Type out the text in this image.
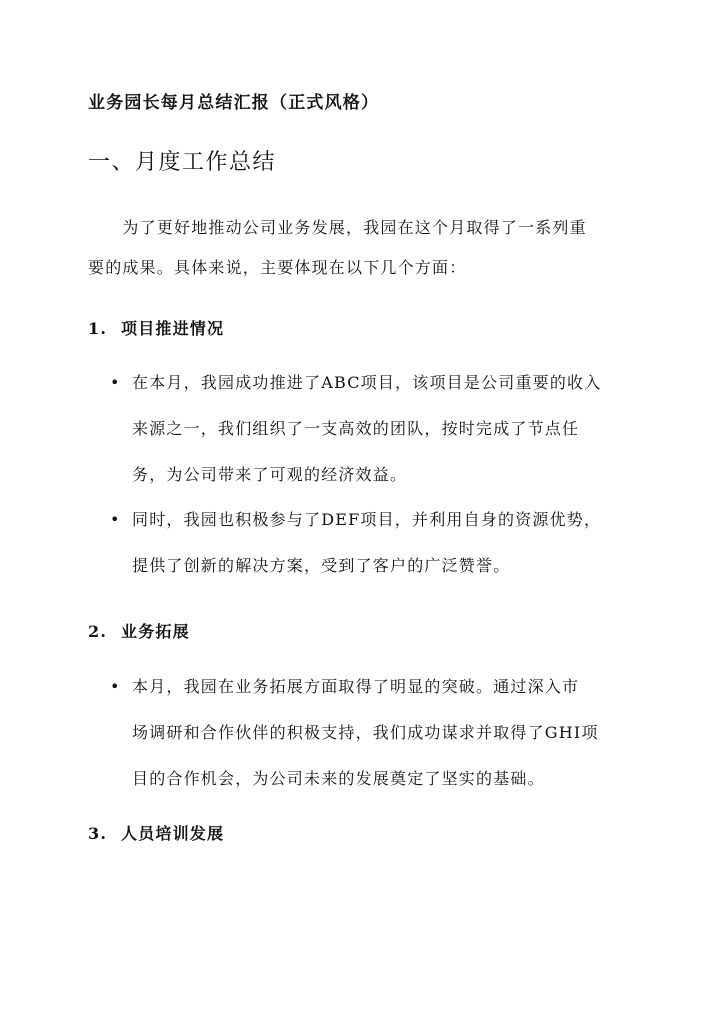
业务园长每月总结汇报（正式风格）
一、月度工作总结

　　为了更好地推动公司业务发展，我园在这个月取得了一系列重
要的成果。具体来说，主要体现在以下几个方面：

1. 项目推进情况
• 在本月，我园成功推进了ABC项目，该项目是公司重要的收入
来源之一，我们组织了一支高效的团队，按时完成了节点任
务，为公司带来了可观的经济效益。
• 同时，我园也积极参与了DEF项目，并利用自身的资源优势，
提供了创新的解决方案，受到了客户的广泛赞誉。
2. 业务拓展
• 本月，我园在业务拓展方面取得了明显的突破。通过深入市
场调研和合作伙伴的积极支持，我们成功谋求并取得了GHI项
目的合作机会，为公司未来的发展奠定了坚实的基础。
3. 人员培训发展
